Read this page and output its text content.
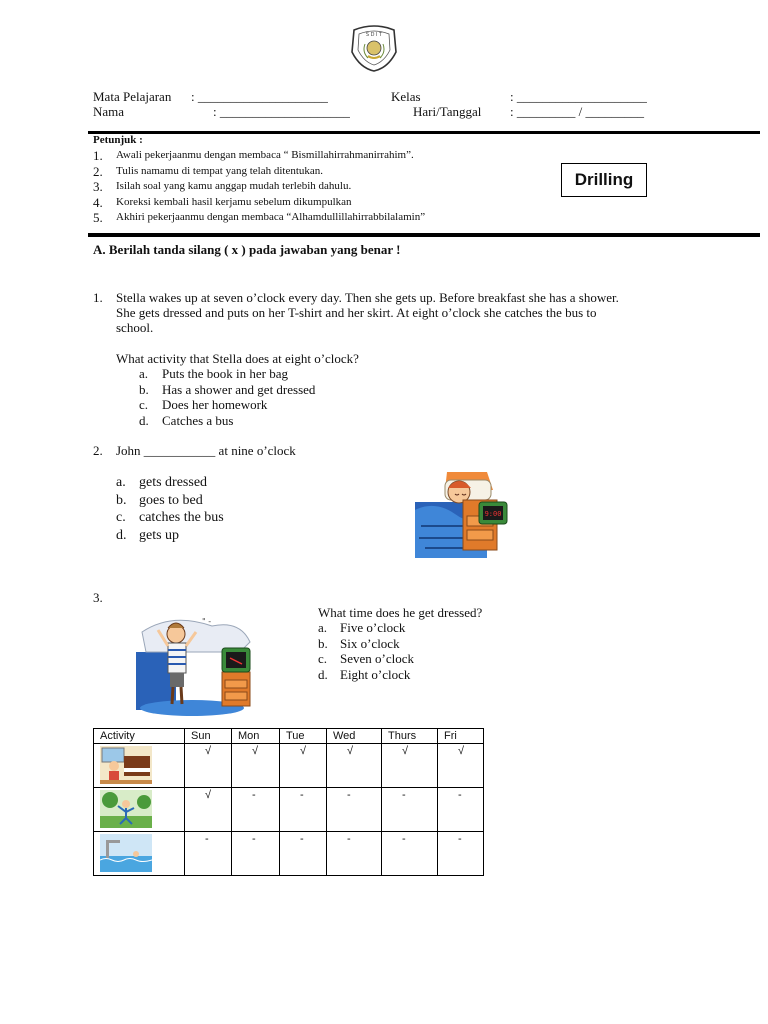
S D I T
Mata Pelajaran : ____________________	Kelas	: ____________________
Nama	: ____________________	Hari/Tanggal : _________ / _________
Petunjuk :
1. Awali pekerjaanmu dengan membaca “ Bismillahirrahmanirrahim”.
2. Tulis namamu di tempat yang telah ditentukan.
3. Isilah soal yang kamu anggap mudah terlebih dahulu.
4. Koreksi kembali hasil kerjamu sebelum dikumpulkan
5. Akhiri pekerjaanmu dengan membaca “Alhamdullillahirrabbilalamin”
Drilling
A. Berilah tanda silang ( x ) pada jawaban yang benar !
1. Stella wakes up at seven o’clock every day. Then she gets up. Before breakfast she has a shower.
She gets dressed and puts on her T-shirt and her skirt. At eight o’clock she catches the bus to
school.
What activity that Stella does at eight o’clock?
a. Puts the book in her bag
b. Has a shower and get dressed
c. Does her homework
d. Catches a bus
2. John ___________ at nine o’clock
a. gets dressed
b. goes to bed
c. catches the bus
d. gets up
9:00
3.
What time does he get dressed?
a. Five o’clock
b. Six o’clock
c. Seven o’clock
d. Eight o’clock
" -
Activity	Sun	Mon	Tue	Wed	Thurs	Fri

	√	√	√	√	√	√

	√	-	-	-	-	-

	-	-	-	-	-	-
